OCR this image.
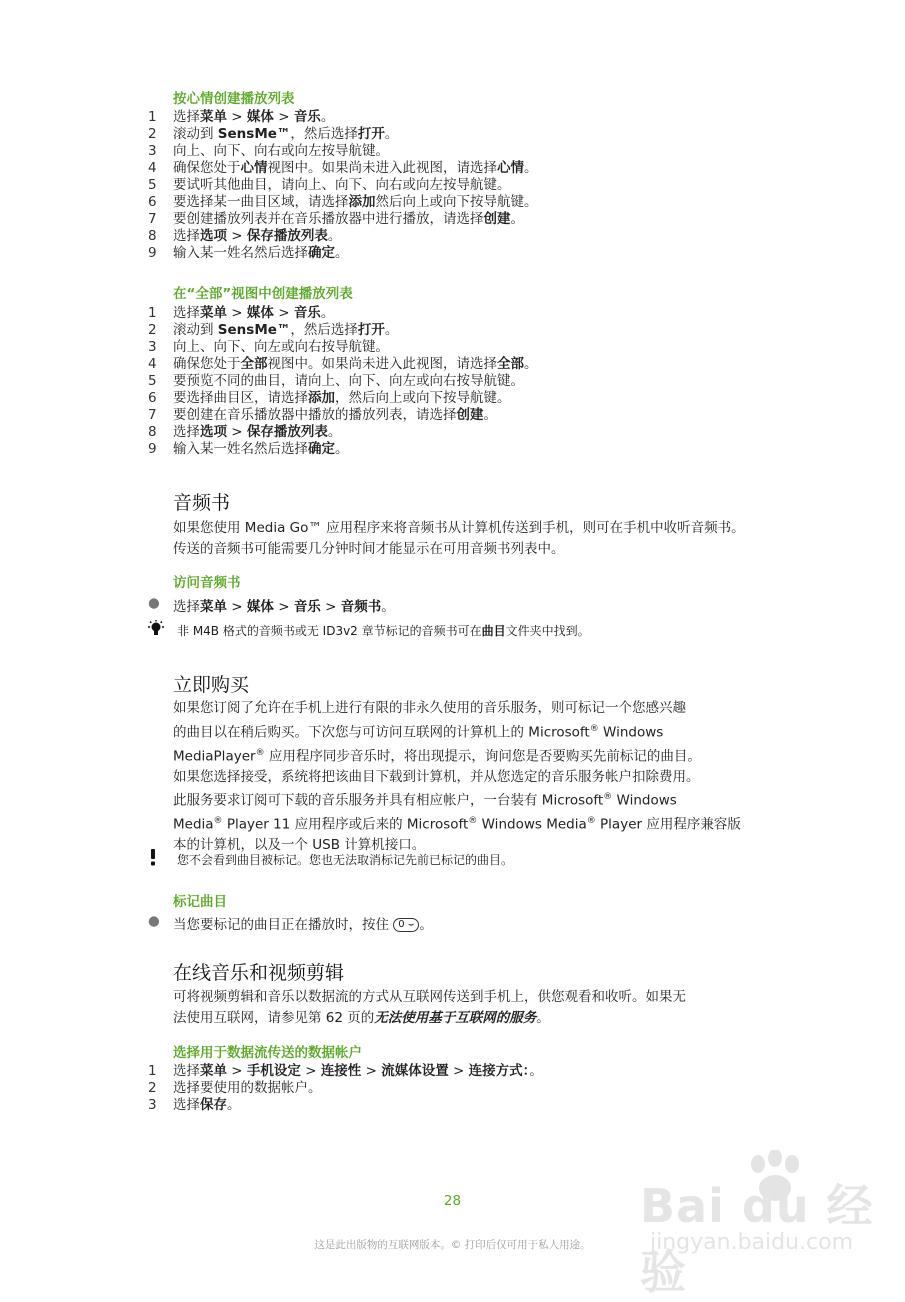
按心情创建播放列表
1	选择菜单 > 媒体 > 音乐。
2	滚动到 SensMe™，然后选择打开。
3	向上、向下、向右或向左按导航键。
4	确保您处于心情视图中。如果尚未进入此视图，请选择心情。
5	要试听其他曲目，请向上、向下、向右或向左按导航键。
6	要选择某一曲目区域，请选择添加然后向上或向下按导航键。
7	要创建播放列表并在音乐播放器中进行播放，请选择创建。
8	选择选项 > 保存播放列表。
9	输入某一姓名然后选择确定。
在“全部”视图中创建播放列表
1	选择菜单 > 媒体 > 音乐。
2	滚动到 SensMe™，然后选择打开。
3	向上、向下、向左或向右按导航键。
4	确保您处于全部视图中。如果尚未进入此视图，请选择全部。
5	要预览不同的曲目，请向上、向下、向左或向右按导航键。
6	要选择曲目区，请选择添加，然后向上或向下按导航键。
7	要创建在音乐播放器中播放的播放列表，请选择创建。
8	选择选项 > 保存播放列表。
9	输入某一姓名然后选择确定。
音频书
如果您使用 Media Go™ 应用程序来将音频书从计算机传送到手机，则可在手机中收听音频书。传送的音频书可能需要几分钟时间才能显示在可用音频书列表中。
访问音频书
● 选择菜单 > 媒体 > 音乐 > 音频书。
非 M4B 格式的音频书或无 ID3v2 章节标记的音频书可在曲目文件夹中找到。
立即购买
如果您订阅了允许在手机上进行有限的非永久使用的音乐服务，则可标记一个您感兴趣
的曲目以在稍后购买。下次您与可访问互联网的计算机上的 Microsoft® Windows
MediaPlayer® 应用程序同步音乐时，将出现提示，询问您是否要购买先前标记的曲目。
如果您选择接受，系统将把该曲目下载到计算机，并从您选定的音乐服务帐户扣除费用。
此服务要求订阅可下载的音乐服务并具有相应帐户，一台装有 Microsoft® Windows
Media® Player 11 应用程序或后来的 Microsoft® Windows Media® Player 应用程序兼容版
本的计算机，以及一个 USB 计算机接口。
您不会看到曲目被标记。您也无法取消标记先前已标记的曲目。
标记曲目
● 当您要标记的曲目正在播放时，按住 0 ⌣ 。
在线音乐和视频剪辑
可将视频剪辑和音乐以数据流的方式从互联网传送到手机上，供您观看和收听。如果无
法使用互联网，请参见第 62 页的无法使用基于互联网的服务。
选择用于数据流传送的数据帐户
1	选择菜单 > 手机设定 > 连接性 > 流媒体设置 > 连接方式：。
2	选择要使用的数据帐户。
3	选择保存。
28
这是此出版物的互联网版本。© 打印后仅可用于私人用途。
Bai du 经验
jingyan.baidu.com
